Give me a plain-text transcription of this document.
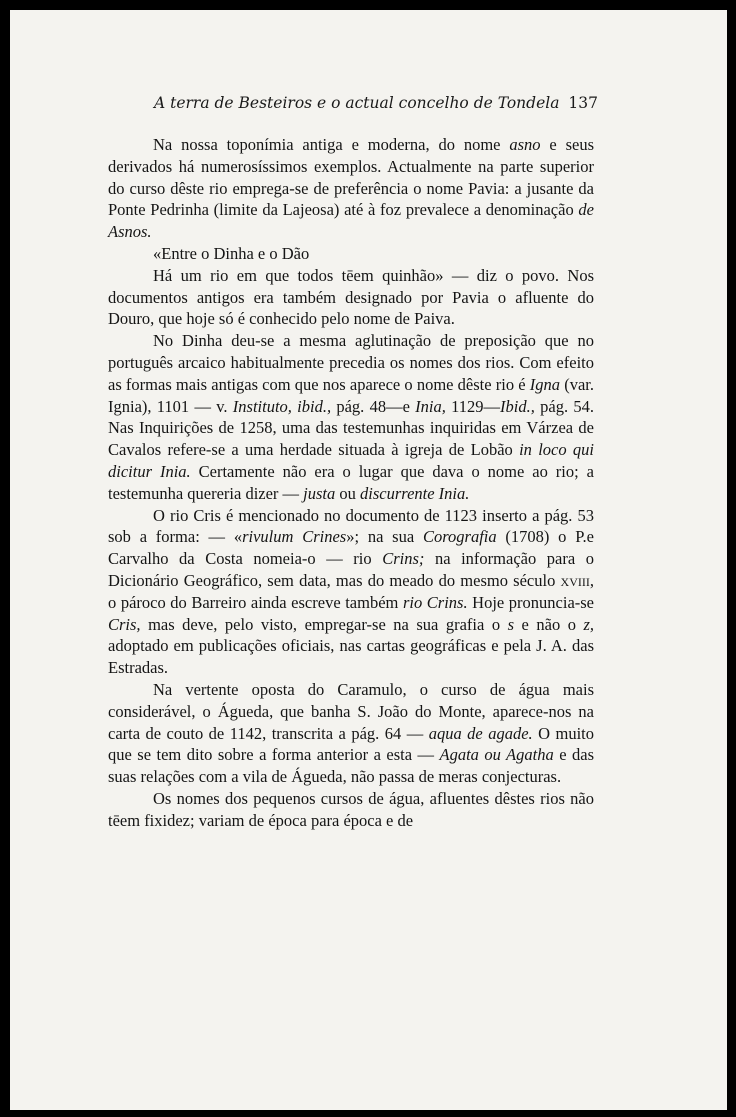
A terra de Besteiros e o actual concelho de Tondela 137

Na nossa toponímia antiga e moderna, do nome asno e seus derivados há numerosíssimos exemplos. Actualmente na parte superior do curso dêste rio emprega-se de preferência o nome Pavia: a jusante da Ponte Pedrinha (limite da Lajeosa) até à foz prevalece a denominação de Asnos.

«Entre o Dinha e o Dão

Há um rio em que todos tēem quinhão» — diz o povo. Nos documentos antigos era também designado por Pavia o afluente do Douro, que hoje só é conhecido pelo nome de Paiva.

No Dinha deu-se a mesma aglutinação de preposição que no português arcaico habitualmente precedia os nomes dos rios. Com efeito as formas mais antigas com que nos aparece o nome dêste rio é Igna (var. Ignia), 1101 — v. Instituto, ibid., pág. 48—e Inia, 1129—Ibid., pág. 54. Nas Inquirições de 1258, uma das testemunhas inquiridas em Várzea de Cavalos refere-se a uma herdade situada à igreja de Lobão in loco qui dicitur Inia. Certamente não era o lugar que dava o nome ao rio; a testemunha quereria dizer — justa ou discurrente Inia.

O rio Cris é mencionado no documento de 1123 inserto a pág. 53 sob a forma: — «rivulum Crines»; na sua Corografia (1708) o P.e Carvalho da Costa nomeia-o — rio Crins; na informação para o Dicionário Geográfico, sem data, mas do meado do mesmo século xviii, o pároco do Barreiro ainda escreve também rio Crins. Hoje pronuncia-se Cris, mas deve, pelo visto, empregar-se na sua grafia o s e não o z, adoptado em publicações oficiais, nas cartas geográficas e pela J. A. das Estradas.

Na vertente oposta do Caramulo, o curso de água mais considerável, o Águeda, que banha S. João do Monte, aparece-nos na carta de couto de 1142, transcrita a pág. 64 — aqua de agade. O muito que se tem dito sobre a forma anterior a esta — Agata ou Agatha e das suas relações com a vila de Águeda, não passa de meras conjecturas.

Os nomes dos pequenos cursos de água, afluentes dêstes rios não tēem fixidez; variam de época para época e de
